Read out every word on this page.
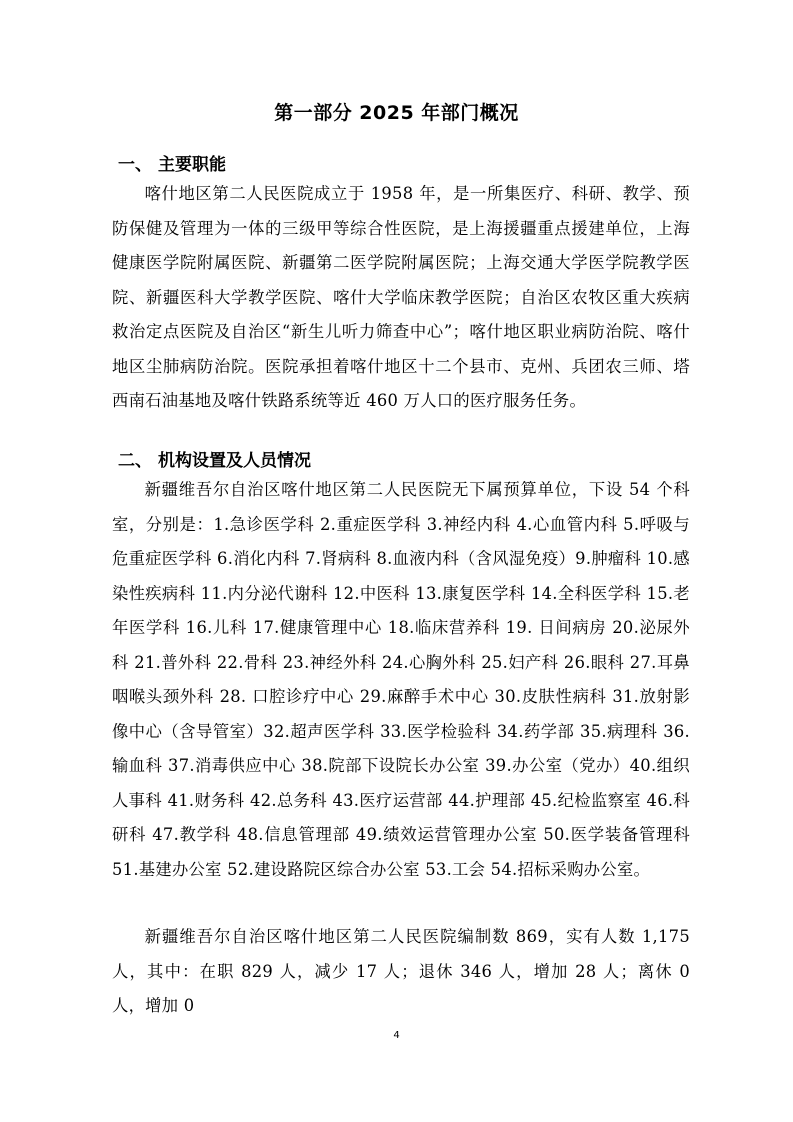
第一部分 2025 年部门概况
一、 主要职能

喀什地区第二人民医院成立于 1958 年，是一所集医疗、科研、教学、预防保健及管理为一体的三级甲等综合性医院，是上海援疆重点援建单位，上海健康医学院附属医院、新疆第二医学院附属医院；上海交通大学医学院教学医院、新疆医科大学教学医院、喀什大学临床教学医院；自治区农牧区重大疾病救治定点医院及自治区“新生儿听力筛查中心”；喀什地区职业病防治院、喀什地区尘肺病防治院。医院承担着喀什地区十二个县市、克州、兵团农三师、塔西南石油基地及喀什铁路系统等近 460 万人口的医疗服务任务。

二、 机构设置及人员情况

新疆维吾尔自治区喀什地区第二人民医院无下属预算单位，下设 54 个科室，分别是：1.急诊医学科 2.重症医学科 3.神经内科 4.心血管内科 5.呼吸与危重症医学科 6.消化内科 7.肾病科 8.血液内科（含风湿免疫）9.肿瘤科 10.感染性疾病科 11.内分泌代谢科 12.中医科 13.康复医学科 14.全科医学科 15.老年医学科 16.儿科 17.健康管理中心 18.临床营养科 19. 日间病房 20.泌尿外科 21.普外科 22.骨科 23.神经外科 24.心胸外科 25.妇产科 26.眼科 27.耳鼻咽喉头颈外科 28. 口腔诊疗中心 29.麻醉手术中心 30.皮肤性病科 31.放射影像中心（含导管室）32.超声医学科 33.医学检验科 34.药学部 35.病理科 36.输血科 37.消毒供应中心 38.院部下设院长办公室 39.办公室（党办）40.组织人事科 41.财务科 42.总务科 43.医疗运营部 44.护理部 45.纪检监察室 46.科研科 47.教学科 48.信息管理部 49.绩效运营管理办公室 50.医学装备管理科 51.基建办公室 52.建设路院区综合办公室 53.工会 54.招标采购办公室。

新疆维吾尔自治区喀什地区第二人民医院编制数 869，实有人数 1,175 人，其中：在职 829 人，减少 17 人；退休 346 人，增加 28 人；离休 0 人，增加 0

4
